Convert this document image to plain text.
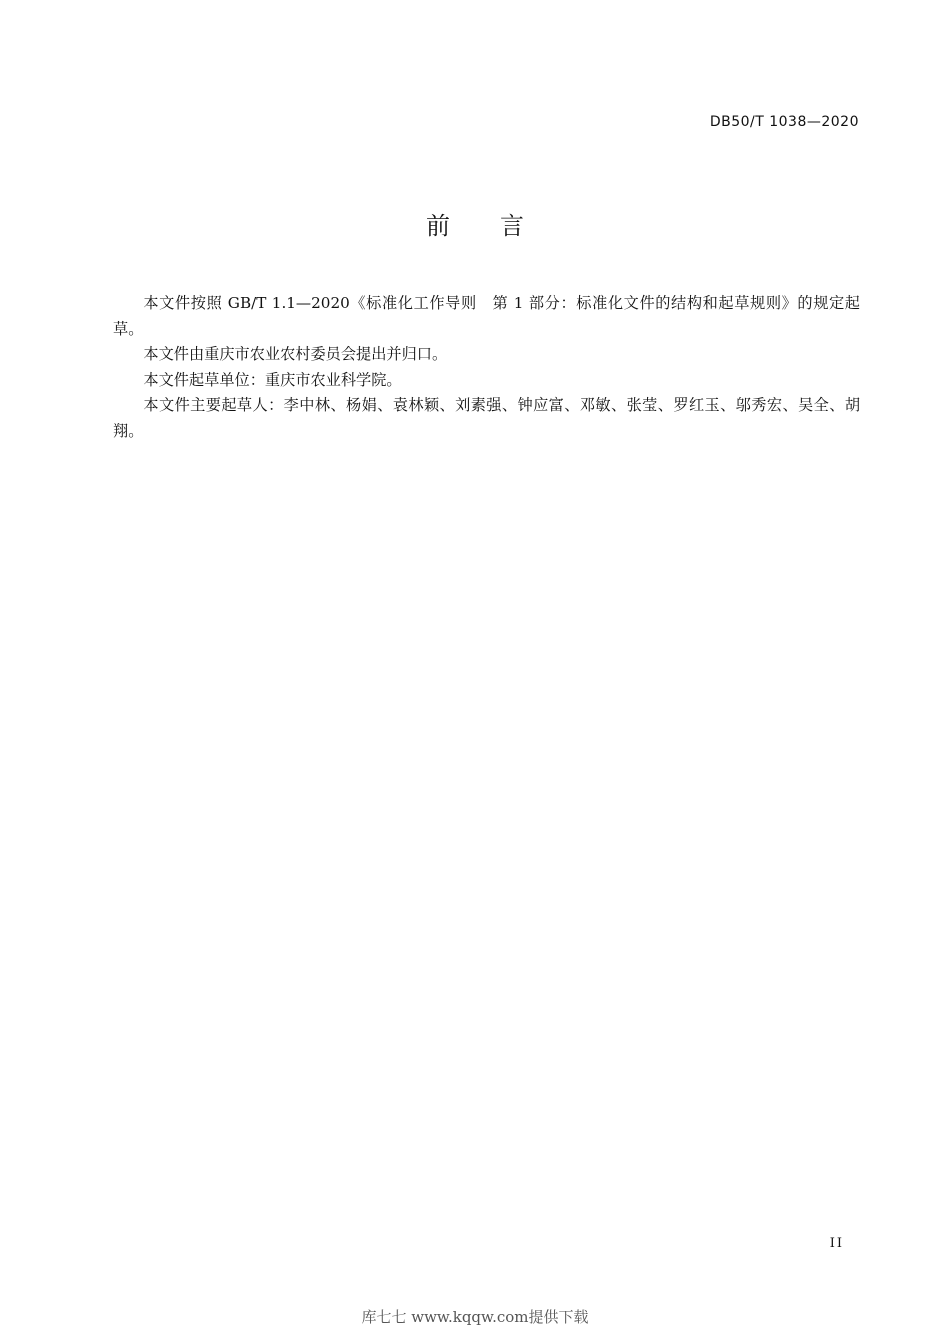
DB50/T 1038—2020
前言

本文件按照 GB/T 1.1—2020《标准化工作导则　第 1 部分：标准化文件的结构和起草规则》的规定起草。

本文件由重庆市农业农村委员会提出并归口。

本文件起草单位：重庆市农业科学院。

本文件主要起草人：李中林、杨娟、袁林颖、刘素强、钟应富、邓敏、张莹、罗红玉、邬秀宏、吴全、胡翔。

II
库七七 www.kqqw.com提供下载
